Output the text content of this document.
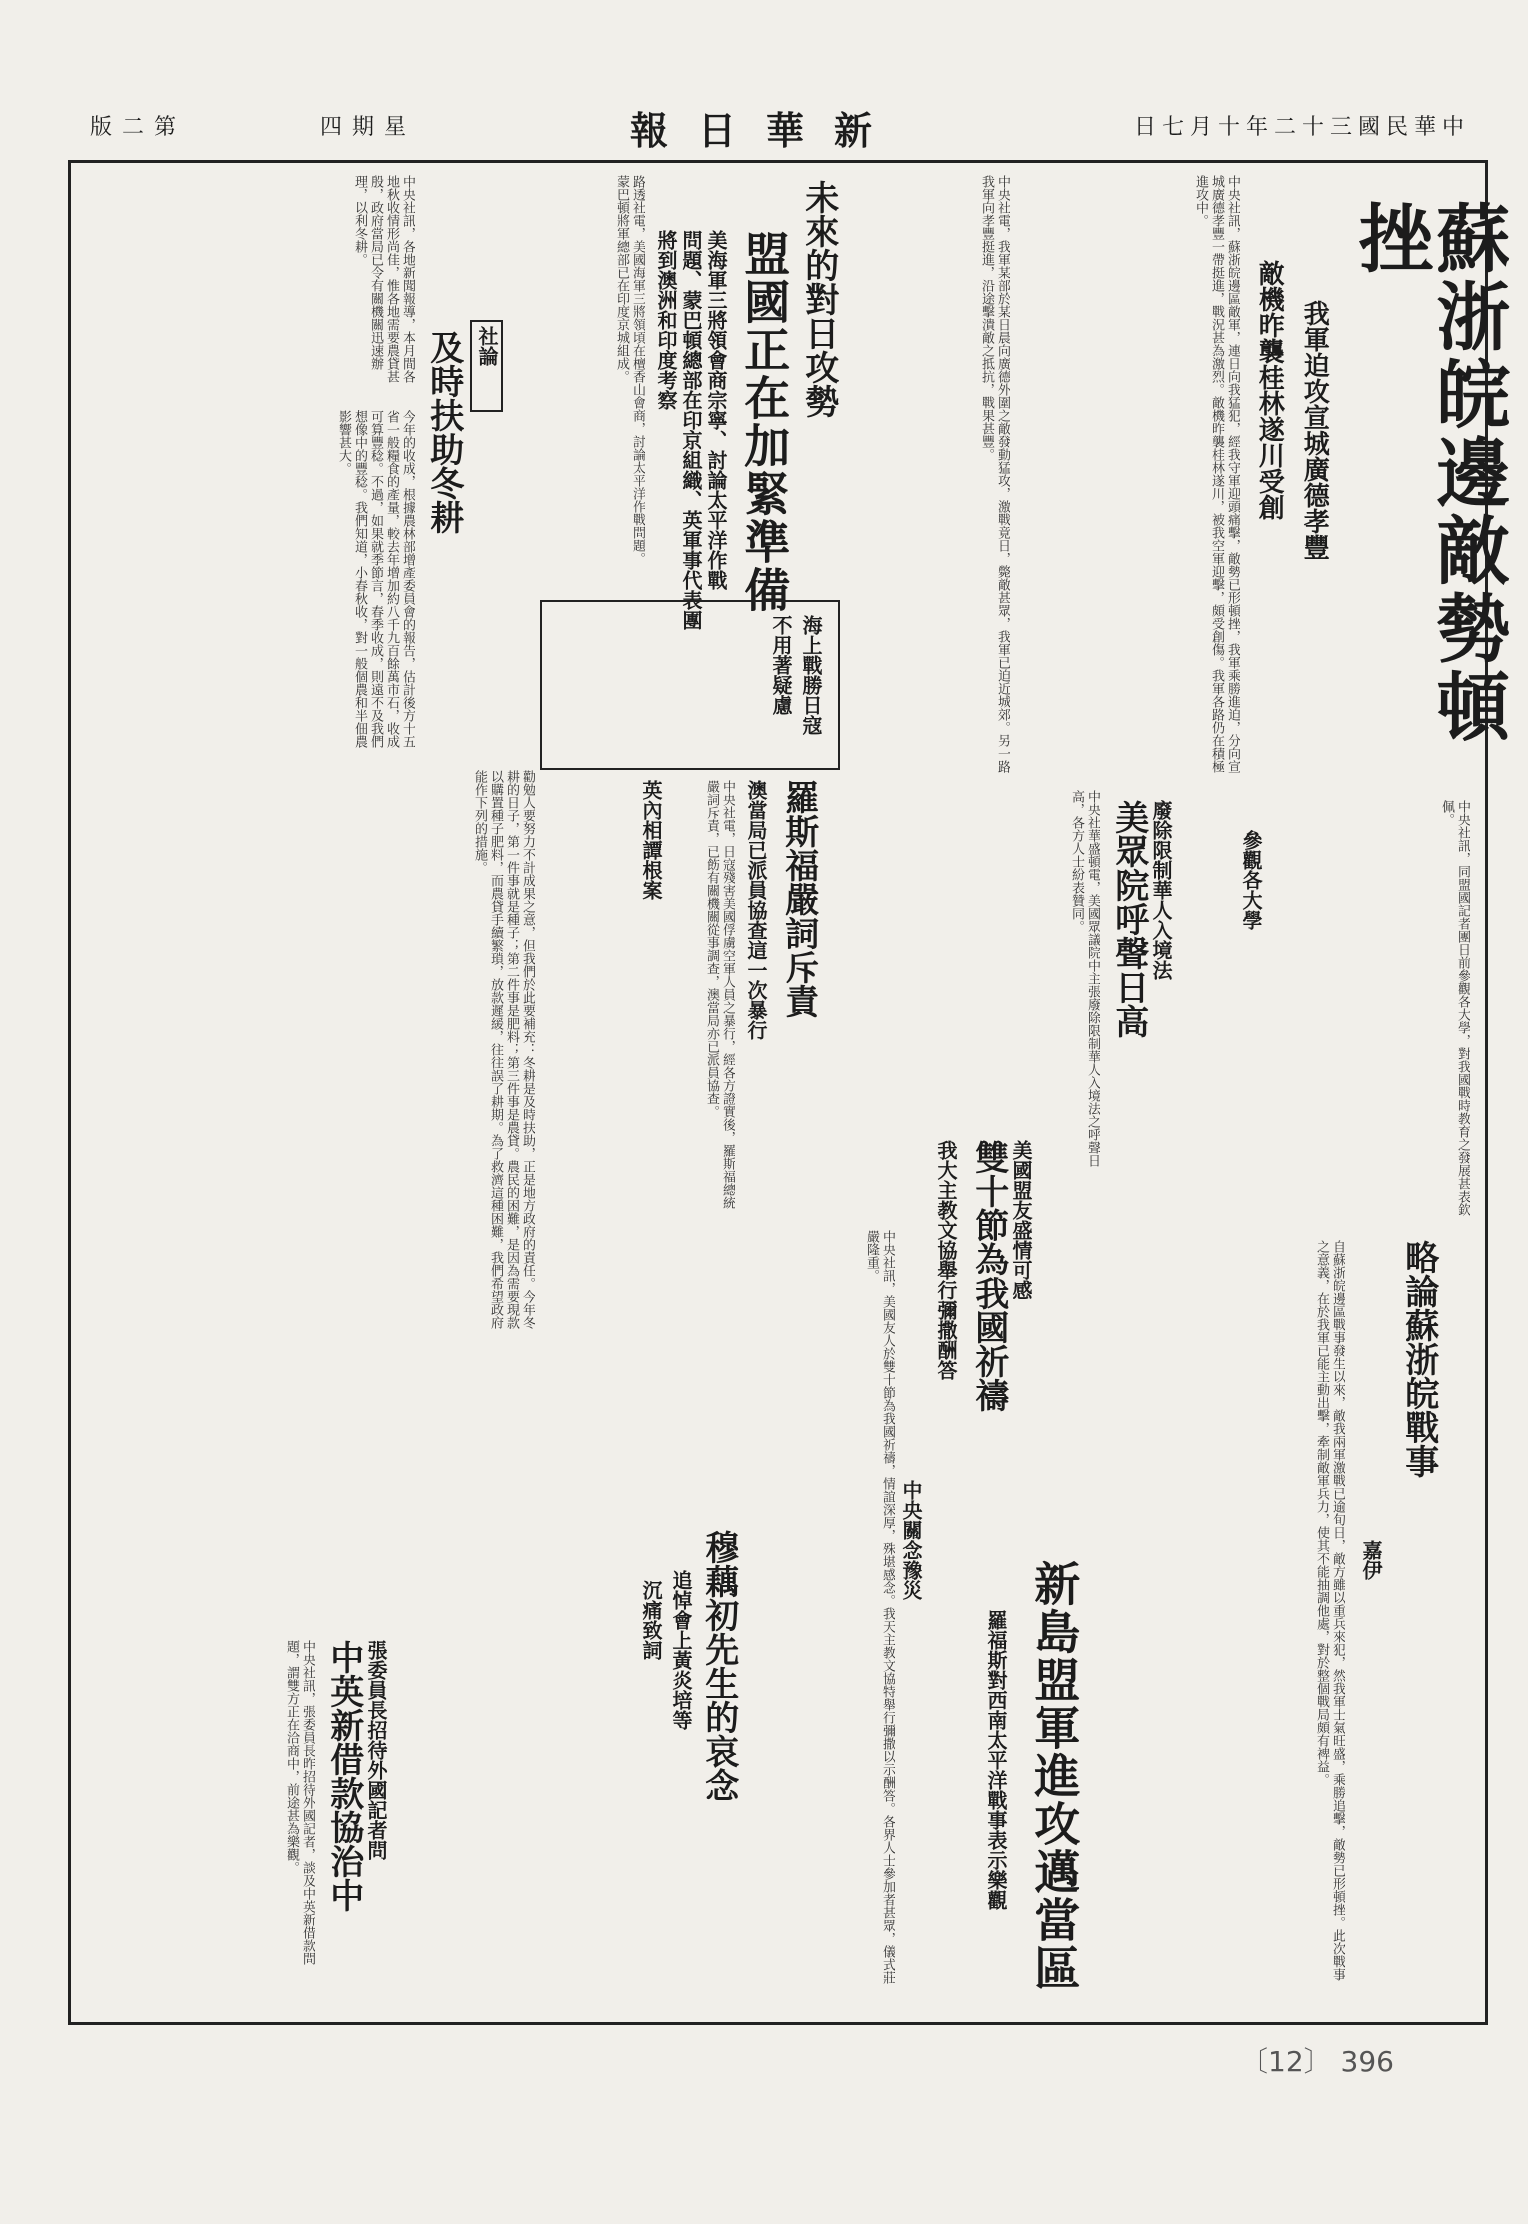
版二第	四期星	報日華新	日七月十年二十三國民華中
蘇浙皖邊敵勢頓挫
我軍迫攻宣城廣德孝豐
敵機昨襲桂林遂川受創
中央社訊，蘇浙皖邊區敵軍，連日向我猛犯，經我守軍迎頭痛擊，敵勢已形頓挫，我軍乘勝進迫，分向宣城廣德孝豐一帶挺進，戰況甚為激烈。敵機昨襲桂林遂川，被我空軍迎擊，頗受創傷。我軍各路仍在積極進攻中。
中央社電，我軍某部於某日晨向廣德外圍之敵發動猛攻，激戰竟日，斃敵甚眾，我軍已迫近城郊。另一路我軍向孝豐挺進，沿途擊潰敵之抵抗，戰果甚豐。
未來的對日攻勢
盟國正在加緊準備
美海軍三將領會商宗寧、討論太平洋作戰
問題、蒙巴頓總部在印京組織、英軍事代表團
將到澳洲和印度考察
路透社電，美國海軍三將領頃在檀香山會商，討論太平洋作戰問題。蒙巴頓將軍總部已在印度京城組成。
海上戰勝日寇
不用著疑慮
中央社訊，各地新聞報導，本月間各地秋收情形尚佳，惟各地需要農貸甚殷，政府當局已令有關機關迅速辦理，以利冬耕。
社論
及時扶助冬耕
今年的收成，根據農林部增產委員會的報告，估計後方十五省一般糧食的產量，較去年增加約八千九百餘萬市石，收成可算豐稔。不過，如果就季節言，春季收成，則遠不及我們想像中的豐稔。我們知道，小春秋收，對一般個農和半佃農影響甚大。
勸勉人要努力不計成果之意，但我們於此要補充：冬耕是及時扶助，正是地方政府的責任。今年冬耕的日子，第一件事就是種子；第二件事是肥料；第三件事是農貸。農民的困難，是因為需要現款以購置種子肥料，而農貸手續繁瑣，放款遲緩，往往誤了耕期。為了救濟這種困難，我們希望政府能作下列的措施。	羅斯福嚴詞斥責
澳當局已派員協查這一次暴行
中央社電，日寇殘害美國俘虜空軍人員之暴行，經各方證實後，羅斯福總統嚴詞斥責，已飭有關機關從事調查，澳當局亦已派員協查。	美眾院呼聲日高 廢除限制華人入境法
中央社華盛頓電，美國眾議院中主張廢除限制華人入境法之呼聲日高，各方人士紛表贊同。	參觀各大學	中央社訊，同盟國記者團日前參觀各大學，對我國戰時教育之發展甚表欽佩。
略論蘇浙皖戰事
嘉伊
自蘇浙皖邊區戰事發生以來，敵我兩軍激戰已逾旬日，敵方雖以重兵來犯，然我軍士氣旺盛，乘勝追擊，敵勢已形頓挫。此次戰事之意義，在於我軍已能主動出擊，牽制敵軍兵力，使其不能抽調他處，對於整個戰局頗有裨益。
新島盟軍進攻邁當區
羅福斯對西南太平洋戰事表示樂觀
美國盟友盛情可感
雙十節為我國祈禱
我大主教文協舉行彌撒酬答
中央關念豫災
中央社訊，美國友人於雙十節為我國祈禱，情誼深厚，殊堪感念。我天主教文協特舉行彌撒以示酬答。各界人士參加者甚眾，儀式莊嚴隆重。
穆藕初先生的哀念
追悼會上黃炎培等
沉痛致詞
中英新借款協治中 張委員長招待外國記者問
中央社訊，張委員長昨招待外國記者，談及中英新借款問題，謂雙方正在洽商中，前途甚為樂觀。
英內相譚根案
〔12〕 396
